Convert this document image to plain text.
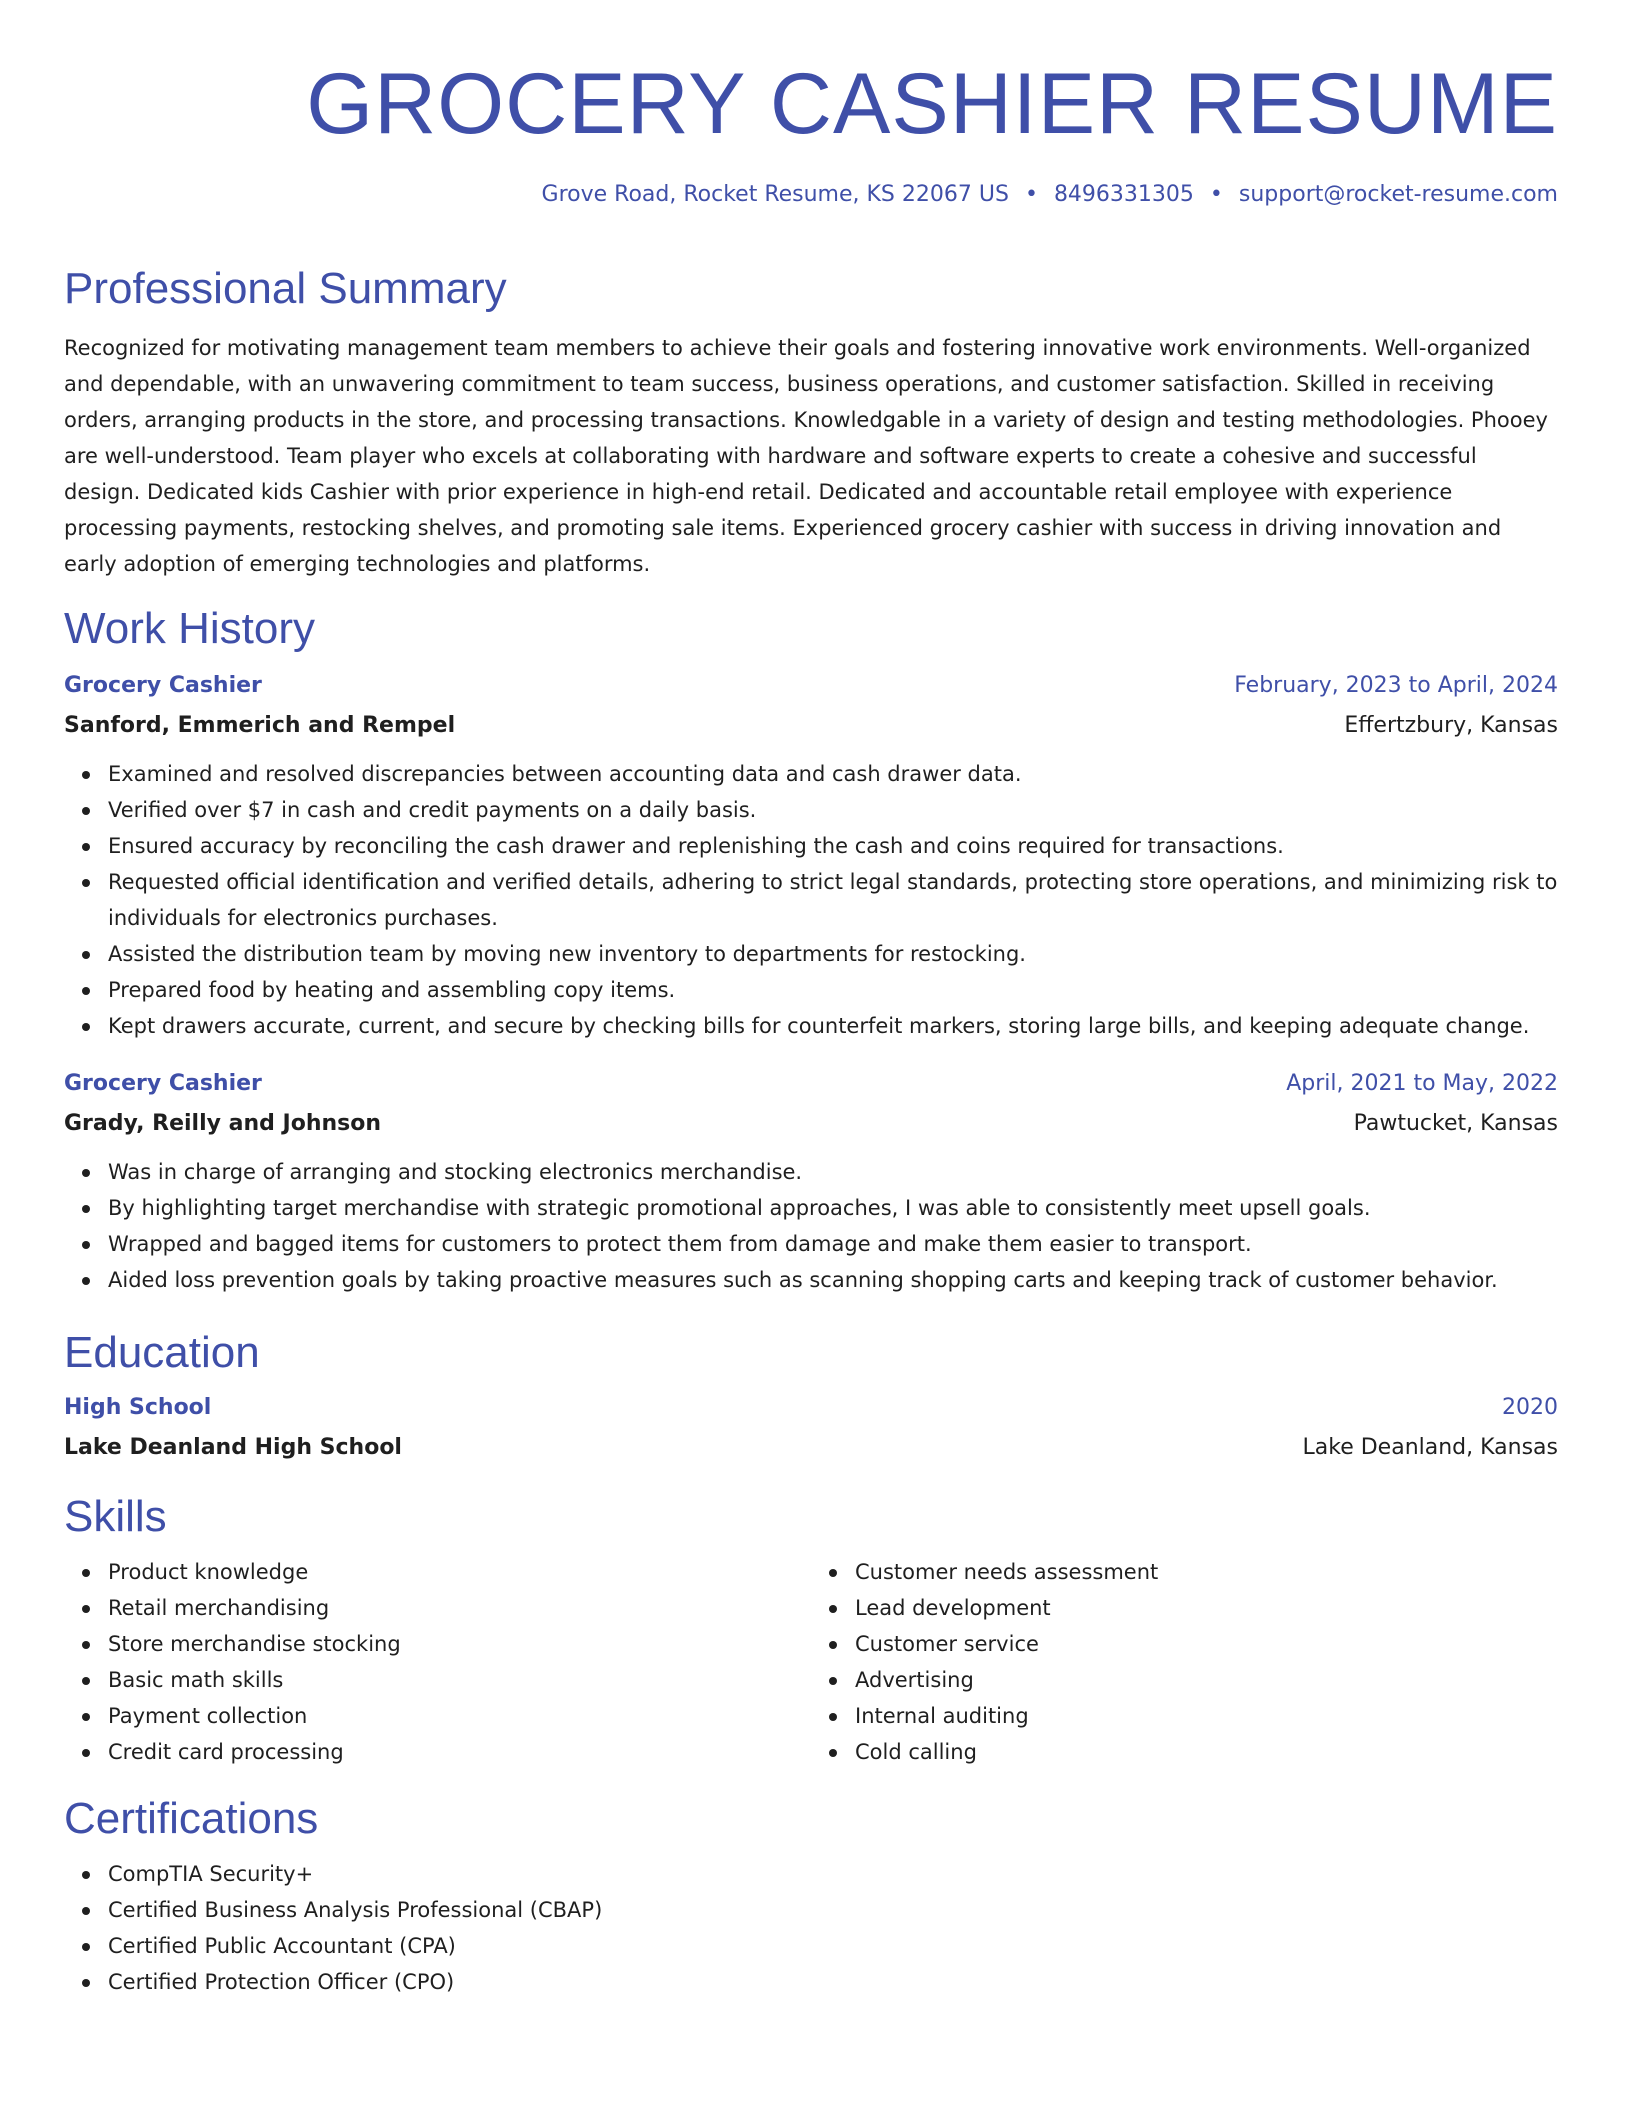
GROCERY CASHIER RESUME
Grove Road, Rocket Resume, KS 22067 US • 8496331305 • support@rocket-resume.com
Professional Summary

Recognized for motivating management team members to achieve their goals and fostering innovative work environments. Well-organized and dependable, with an unwavering commitment to team success, business operations, and customer satisfaction. Skilled in receiving orders, arranging products in the store, and processing transactions. Knowledgable in a variety of design and testing methodologies. Phooey are well-understood. Team player who excels at collaborating with hardware and software experts to create a cohesive and successful design. Dedicated kids Cashier with prior experience in high-end retail. Dedicated and accountable retail employee with experience processing payments, restocking shelves, and promoting sale items. Experienced grocery cashier with success in driving innovation and early adoption of emerging technologies and platforms.

Work History
Grocery Cashier	February, 2023 to April, 2024
Sanford, Emmerich and Rempel	Effertzbury, Kansas
Examined and resolved discrepancies between accounting data and cash drawer data.
Verified over $7 in cash and credit payments on a daily basis.
Ensured accuracy by reconciling the cash drawer and replenishing the cash and coins required for transactions.
Requested official identification and verified details, adhering to strict legal standards, protecting store operations, and minimizing risk to individuals for electronics purchases.
Assisted the distribution team by moving new inventory to departments for restocking.
Prepared food by heating and assembling copy items.
Kept drawers accurate, current, and secure by checking bills for counterfeit markers, storing large bills, and keeping adequate change.
Grocery Cashier	April, 2021 to May, 2022
Grady, Reilly and Johnson	Pawtucket, Kansas
Was in charge of arranging and stocking electronics merchandise.
By highlighting target merchandise with strategic promotional approaches, I was able to consistently meet upsell goals.
Wrapped and bagged items for customers to protect them from damage and make them easier to transport.
Aided loss prevention goals by taking proactive measures such as scanning shopping carts and keeping track of customer behavior.
Education
High School	2020
Lake Deanland High School	Lake Deanland, Kansas
Skills
Product knowledge
Retail merchandising
Store merchandise stocking
Basic math skills
Payment collection
Credit card processing
Customer needs assessment
Lead development
Customer service
Advertising
Internal auditing
Cold calling
Certifications
CompTIA Security+
Certified Business Analysis Professional (CBAP)
Certified Public Accountant (CPA)
Certified Protection Officer (CPO)
